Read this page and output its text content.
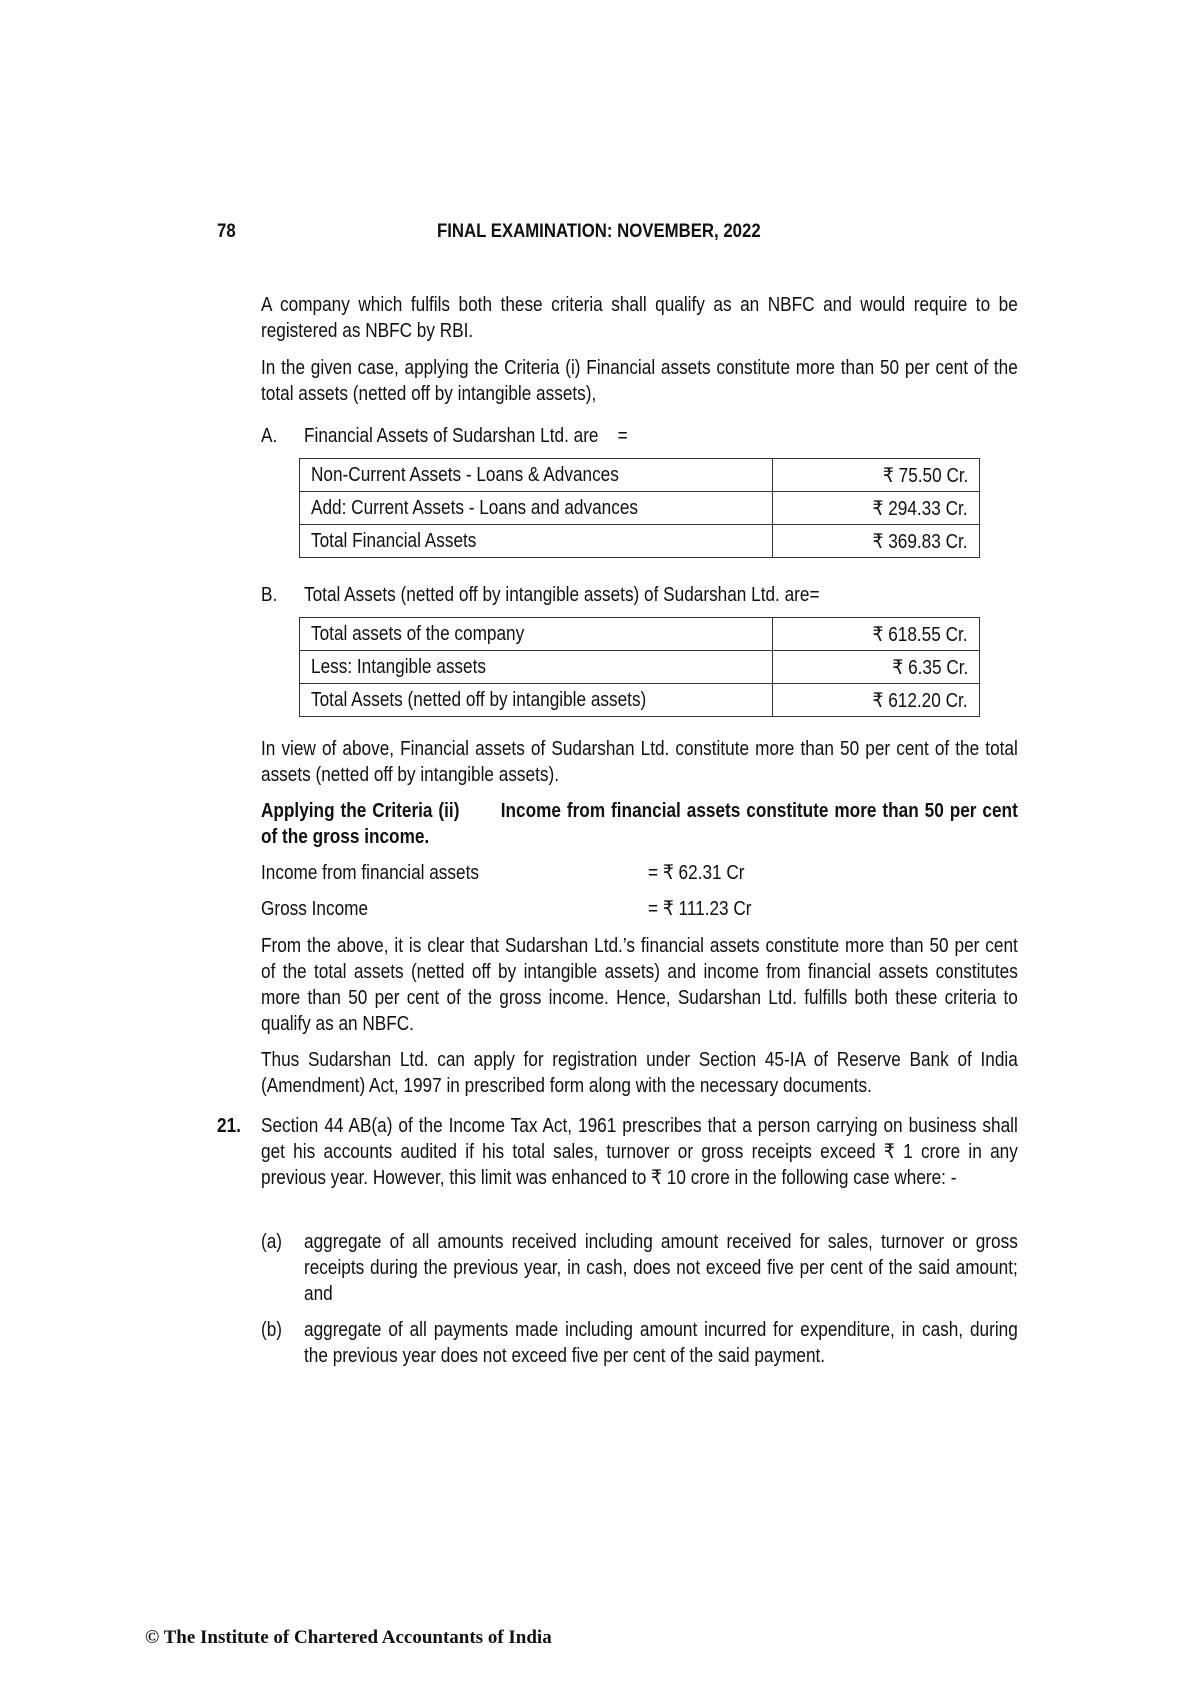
78	FINAL EXAMINATION: NOVEMBER, 2022

A company which fulfils both these criteria shall qualify as an NBFC and would require to be registered as NBFC by RBI.

In the given case, applying the Criteria (i) Financial assets constitute more than 50 per cent of the total assets (netted off by intangible assets),

A. Financial Assets of Sudarshan Ltd. are    =
Non-Current Assets - Loans & Advances	₹ 75.50 Cr.
Add: Current Assets - Loans and advances	₹ 294.33 Cr.
Total Financial Assets	₹ 369.83 Cr.
B. Total Assets (netted off by intangible assets) of Sudarshan Ltd. are=
Total assets of the company	₹ 618.55 Cr.
Less: Intangible assets	₹ 6.35 Cr.
Total Assets (netted off by intangible assets)	₹ 612.20 Cr.

In view of above, Financial assets of Sudarshan Ltd. constitute more than 50 per cent of the total assets (netted off by intangible assets).

Applying the Criteria (ii) Income from financial assets constitute more than 50 per cent of the gross income.

Income from financial assets	= ₹ 62.31 Cr
Gross Income	= ₹ 111.23 Cr

From the above, it is clear that Sudarshan Ltd.’s financial assets constitute more than 50 per cent of the total assets (netted off by intangible assets) and income from financial assets constitutes more than 50 per cent of the gross income. Hence, Sudarshan Ltd. fulfills both these criteria to qualify as an NBFC.

Thus Sudarshan Ltd. can apply for registration under Section 45-IA of Reserve Bank of India (Amendment) Act, 1997 in prescribed form along with the necessary documents.

21. Section 44 AB(a) of the Income Tax Act, 1961 prescribes that a person carrying on business shall get his accounts audited if his total sales, turnover or gross receipts exceed ₹ 1 crore in any previous year. However, this limit was enhanced to ₹ 10 crore in the following case where: -

(a) aggregate of all amounts received including amount received for sales, turnover or gross receipts during the previous year, in cash, does not exceed five per cent of the said amount; and

(b) aggregate of all payments made including amount incurred for expenditure, in cash, during the previous year does not exceed five per cent of the said payment.

© The Institute of Chartered Accountants of India
